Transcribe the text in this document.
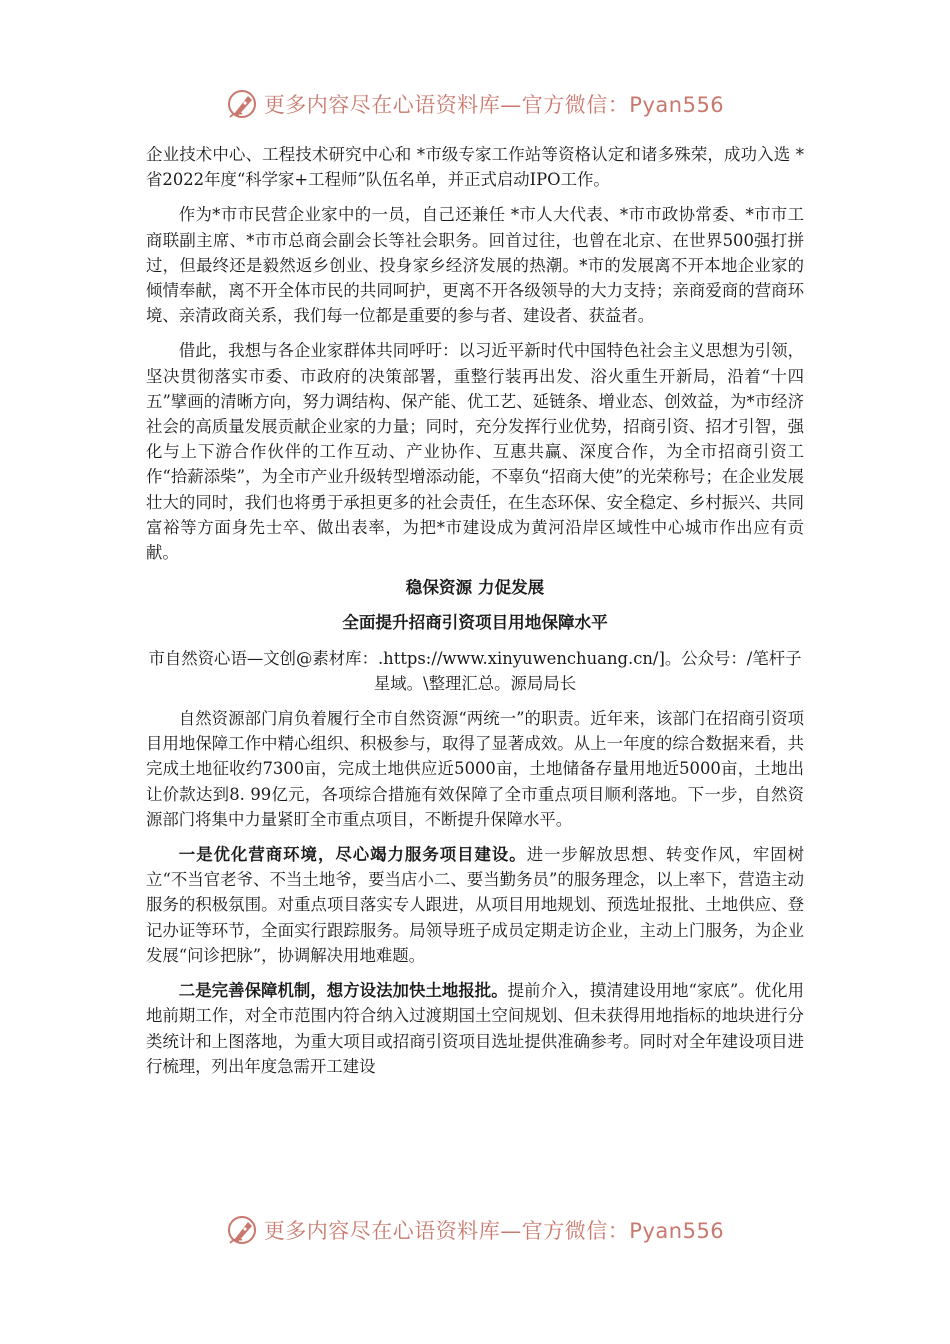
更多内容尽在心语资料库—官方微信：Pyan556

企业技术中心、工程技术研究中心和 *市级专家工作站等资格认定和诸多殊荣，成功入选 *省2022年度“科学家+工程师”队伍名单，并正式启动IPO工作。

作为*市市民营企业家中的一员，自己还兼任 *市人大代表、*市市政协常委、*市市工商联副主席、*市市总商会副会长等社会职务。回首过往，也曾在北京、在世界500强打拼过，但最终还是毅然返乡创业、投身家乡经济发展的热潮。*市的发展离不开本地企业家的倾情奉献，离不开全体市民的共同呵护，更离不开各级领导的大力支持；亲商爱商的营商环境、亲清政商关系，我们每一位都是重要的参与者、建设者、获益者。

借此，我想与各企业家群体共同呼吁：以习近平新时代中国特色社会主义思想为引领，坚决贯彻落实市委、市政府的决策部署，重整行装再出发、浴火重生开新局，沿着“十四五”擘画的清晰方向，努力调结构、保产能、优工艺、延链条、增业态、创效益，为*市经济社会的高质量发展贡献企业家的力量；同时，充分发挥行业优势，招商引资、招才引智，强化与上下游合作伙伴的工作互动、产业协作、互惠共赢、深度合作，为全市招商引资工作“拾薪添柴”，为全市产业升级转型增添动能，不辜负“招商大使”的光荣称号；在企业发展壮大的同时，我们也将勇于承担更多的社会责任，在生态环保、安全稳定、乡村振兴、共同富裕等方面身先士卒、做出表率，为把*市建设成为黄河沿岸区域性中心城市作出应有贡献。

稳保资源 力促发展

全面提升招商引资项目用地保障水平

市自然资心语—文创@素材库：.https://www.xinyuwenchuang.cn/]。公众号：/笔杆子星域。\整理汇总。源局局长

自然资源部门肩负着履行全市自然资源“两统一”的职责。近年来，该部门在招商引资项目用地保障工作中精心组织、积极参与，取得了显著成效。从上一年度的综合数据来看，共完成土地征收约7300亩，完成土地供应近5000亩，土地储备存量用地近5000亩，土地出让价款达到8. 99亿元，各项综合措施有效保障了全市重点项目顺利落地。下一步，自然资源部门将集中力量紧盯全市重点项目，不断提升保障水平。

一是优化营商环境，尽心竭力服务项目建设。进一步解放思想、转变作风，牢固树立“不当官老爷、不当土地爷，要当店小二、要当勤务员”的服务理念，以上率下，营造主动服务的积极氛围。对重点项目落实专人跟进，从项目用地规划、预选址报批、土地供应、登记办证等环节，全面实行跟踪服务。局领导班子成员定期走访企业，主动上门服务，为企业发展“问诊把脉”，协调解决用地难题。

二是完善保障机制，想方设法加快土地报批。提前介入，摸清建设用地“家底”。优化用地前期工作，对全市范围内符合纳入过渡期国土空间规划、但未获得用地指标的地块进行分类统计和上图落地，为重大项目或招商引资项目选址提供准确参考。同时对全年建设项目进行梳理，列出年度急需开工建设

更多内容尽在心语资料库—官方微信：Pyan556
